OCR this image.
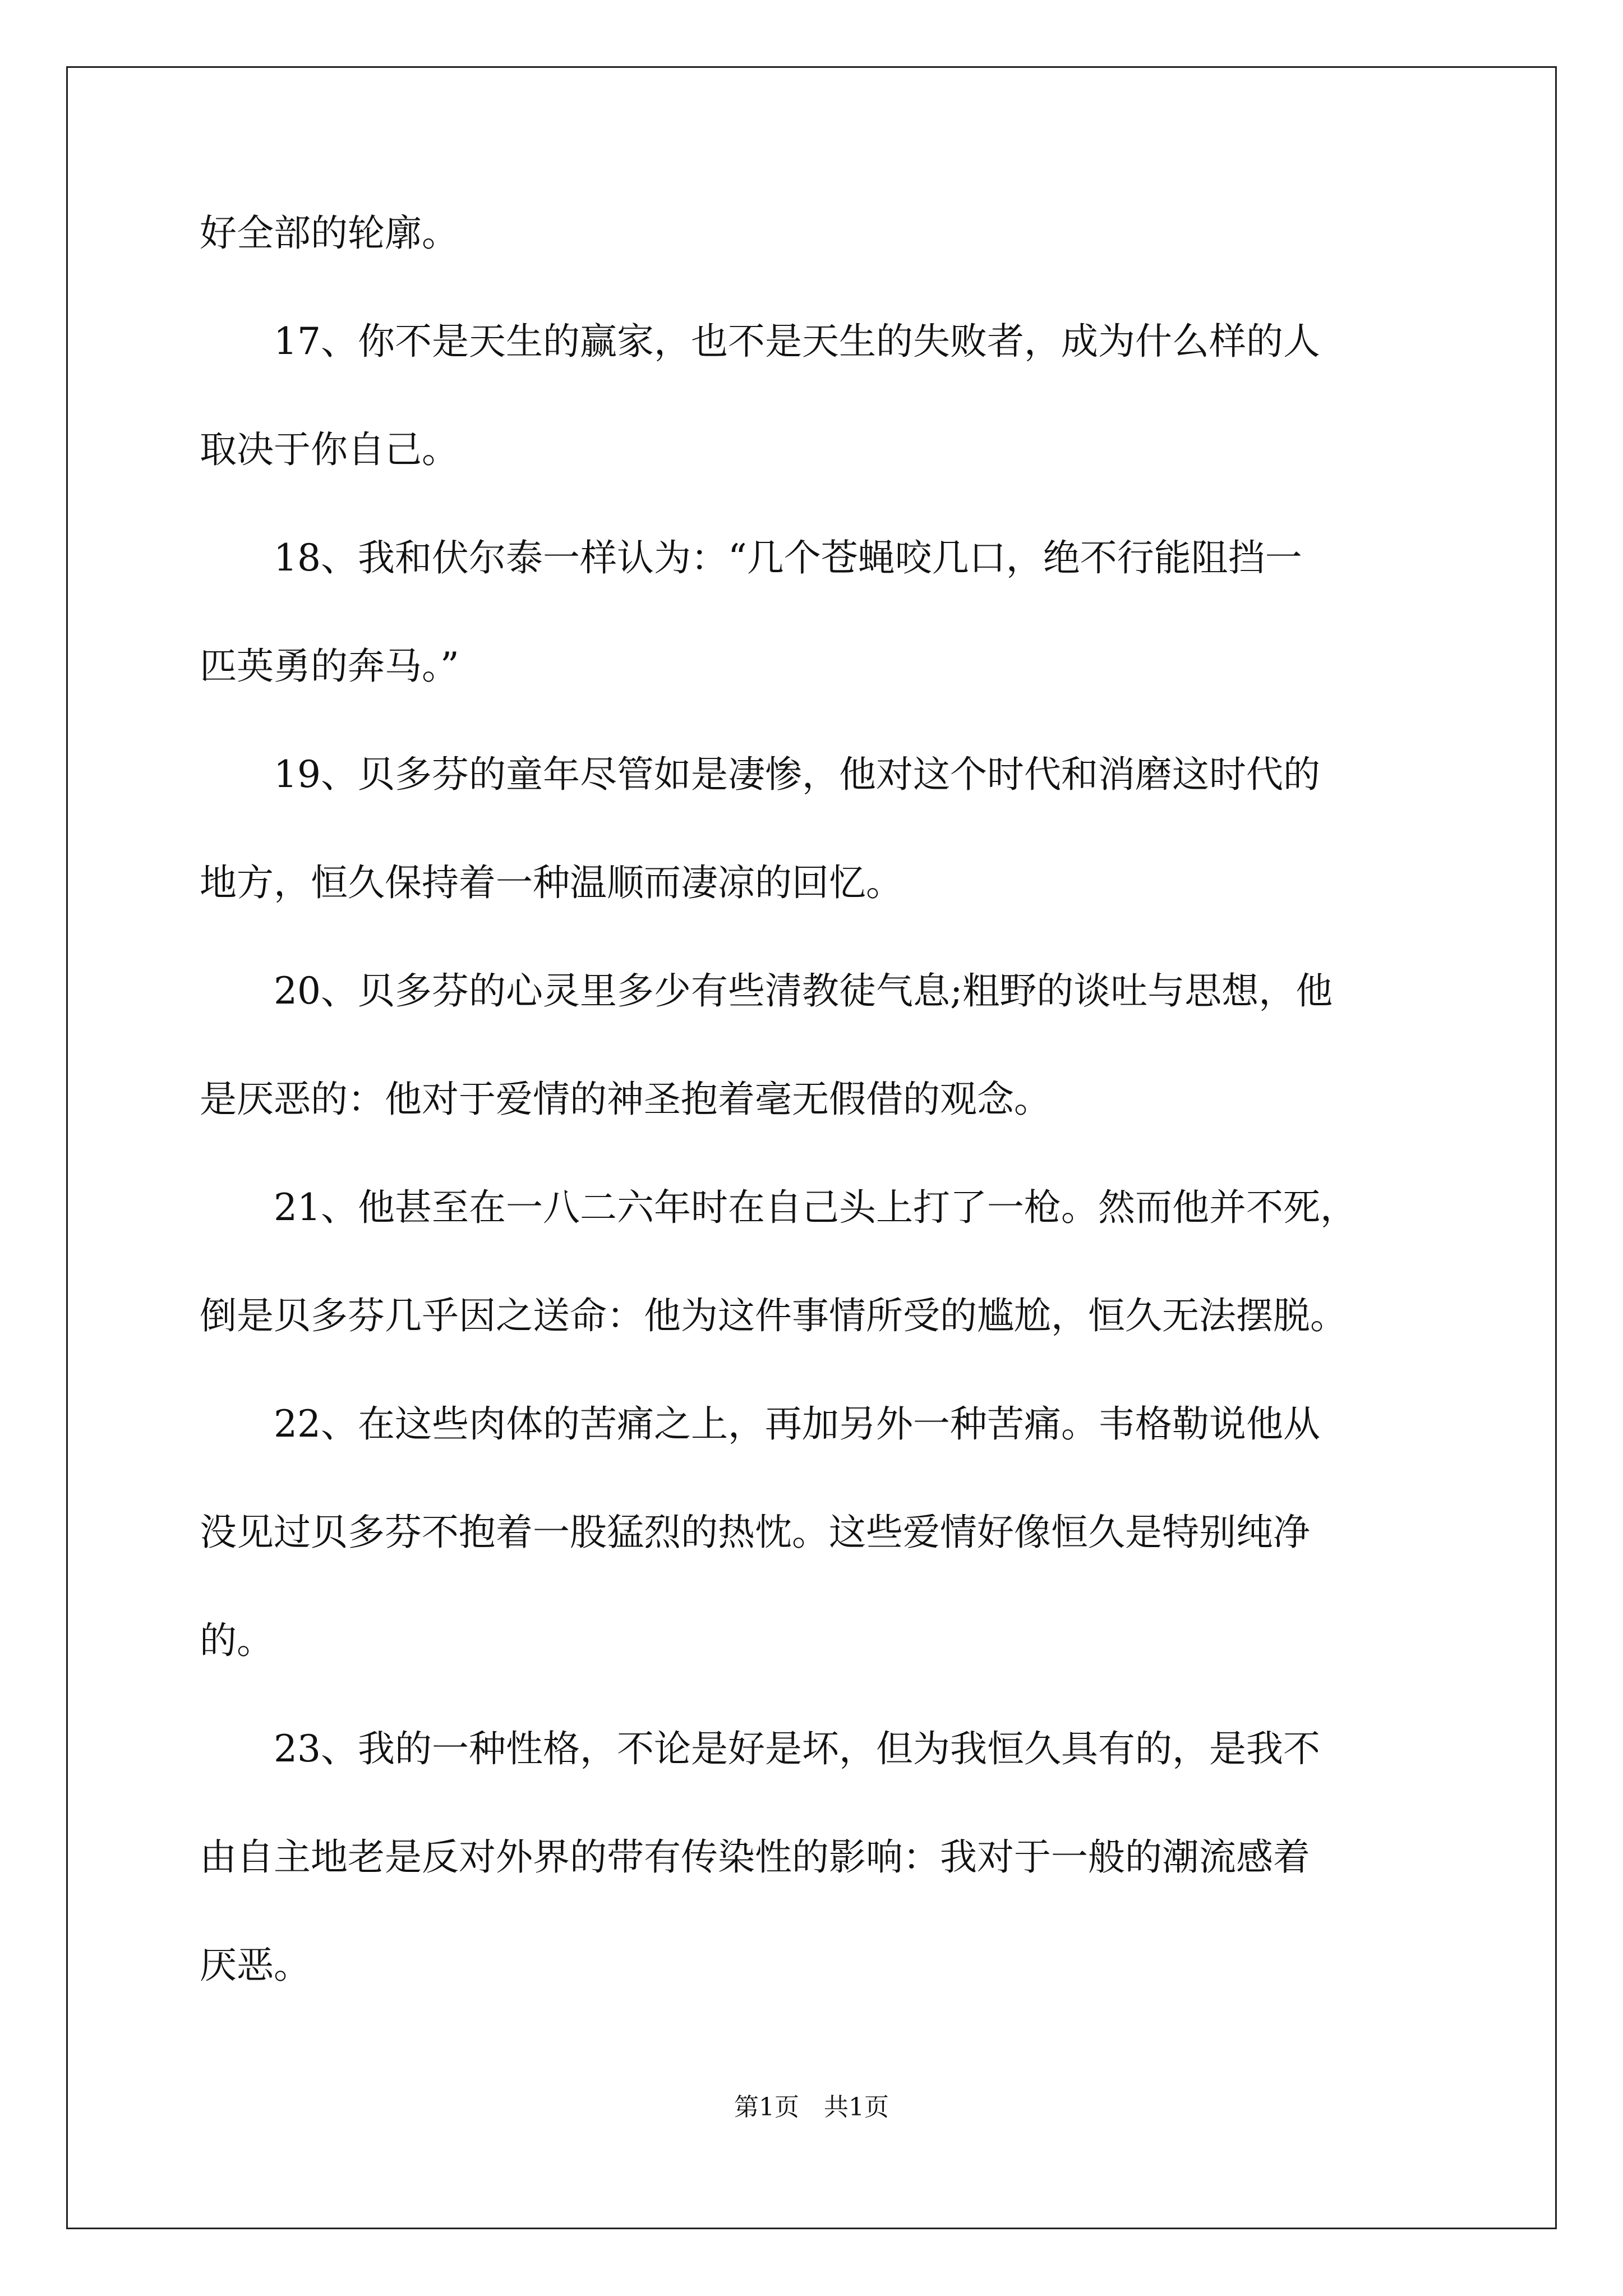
好全部的轮廓。
17、你不是天生的赢家，也不是天生的失败者，成为什么样的人
取决于你自己。
18、我和伏尔泰一样认为：“几个苍蝇咬几口，绝不行能阻挡一
匹英勇的奔马。”
19、贝多芬的童年尽管如是凄惨，他对这个时代和消磨这时代的
地方，恒久保持着一种温顺而凄凉的回忆。
20、贝多芬的心灵里多少有些清教徒气息;粗野的谈吐与思想，他
是厌恶的：他对于爱情的神圣抱着毫无假借的观念。
21、他甚至在一八二六年时在自己头上打了一枪。然而他并不死，
倒是贝多芬几乎因之送命：他为这件事情所受的尴尬，恒久无法摆脱。
22、在这些肉体的苦痛之上，再加另外一种苦痛。韦格勒说他从
没见过贝多芬不抱着一股猛烈的热忱。这些爱情好像恒久是特别纯净
的。
23、我的一种性格，不论是好是坏，但为我恒久具有的，是我不
由自主地老是反对外界的带有传染性的影响：我对于一般的潮流感着
厌恶。
第1页　共1页
